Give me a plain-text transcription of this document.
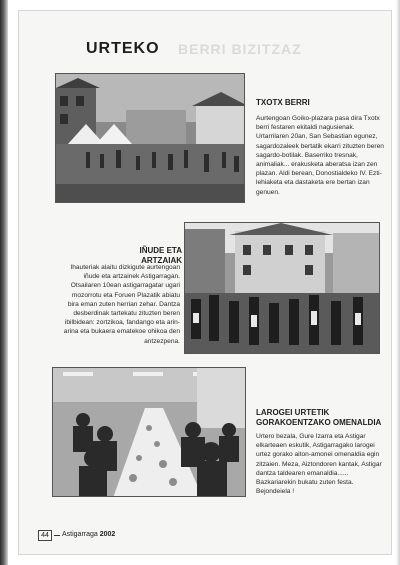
URTEKO BERRI BIZITZAZ
TXOTX BERRI
Aurtengoan Goiko-plazara pasa dira Txotx berri festaren ekitaldi nagusienak. Urtarrilaren 20an, San Sebastian egunez, sagardozaleek bertatik ekarri zituzten beren sagardo-botilak. Baserriko tresnak, animaliak... erakusketa aberatsa izan zen plazan. Aldi berean, Donostialdeko IV. Ezti-lehiaketa eta dastaketa ere bertan izan genuen.
IÑUDE ETA ARTZAIAK
Ihauteriak alaitu dizkigute aurtengoan iñude eta artzainek Astigarragan. Otsailaren 10ean astigarragatar ugari mozorrotu eta Foruen Plazatik abiatu bira eman zuten herrian zehar. Dantza desberdinak tartekatu zituzten beren ibilbidean: zortzikoa, fandango eta arin-arina eta bukaera ematekoe ohikoa den antzezpena.
LAROGEI URTETIK GORAKOENTZAKO OMENALDIA
Urtero bezala, Gure Izarra eta Astigar elkarteaen eskutik, Astigarragako larogei urtez gorako aiton-amonei omenaldia egin zitzaien. Meza, Aiztondoren kantak, Astigar dantza taldearen emanaldia...... Bazkariarekin bukatu zuten festa. Bejondeiela !
44	Astigarraga 2002
